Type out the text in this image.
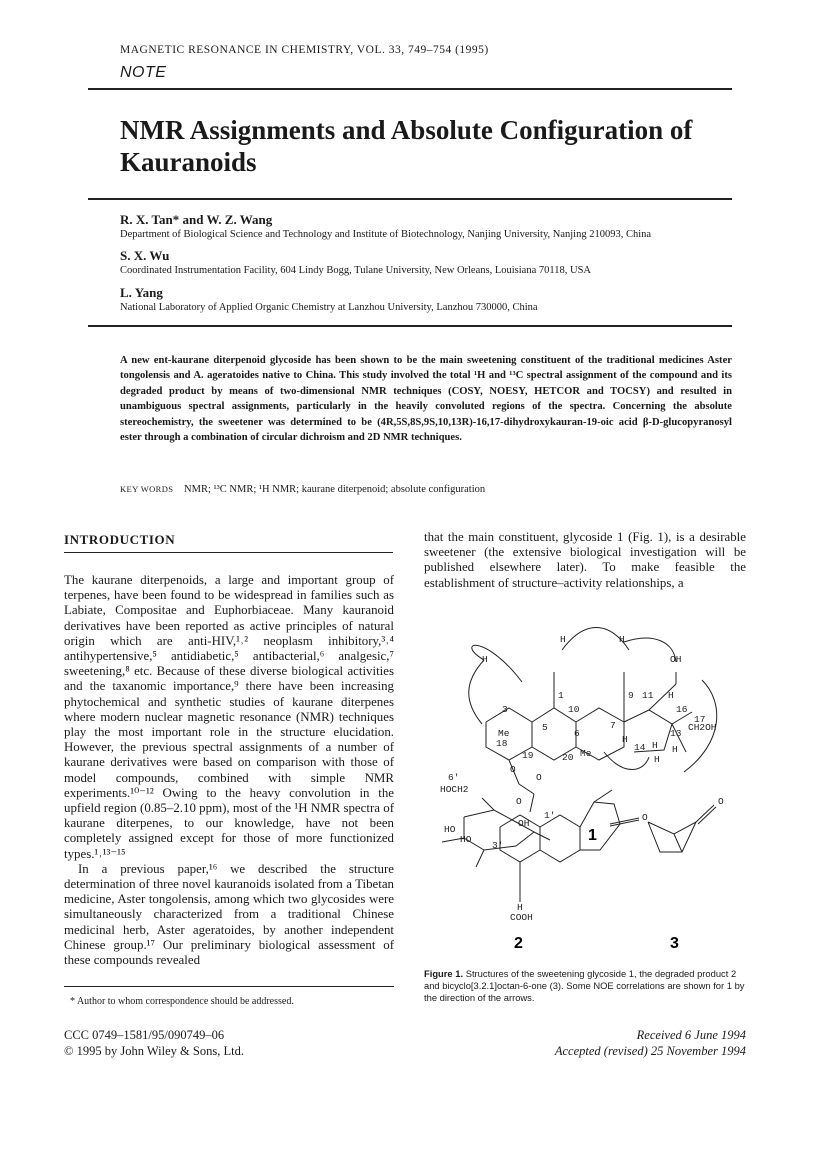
MAGNETIC RESONANCE IN CHEMISTRY, VOL. 33, 749–754 (1995)
NOTE
NMR Assignments and Absolute Configuration of Kauranoids
R. X. Tan* and W. Z. Wang
Department of Biological Science and Technology and Institute of Biotechnology, Nanjing University, Nanjing 210093, China
S. X. Wu
Coordinated Instrumentation Facility, 604 Lindy Bogg, Tulane University, New Orleans, Louisiana 70118, USA
L. Yang
National Laboratory of Applied Organic Chemistry at Lanzhou University, Lanzhou 730000, China
A new ent-kaurane diterpenoid glycoside has been shown to be the main sweetening constituent of the traditional medicines Aster tongolensis and A. ageratoides native to China. This study involved the total ¹H and ¹³C spectral assignment of the compound and its degraded product by means of two-dimensional NMR techniques (COSY, NOESY, HETCOR and TOCSY) and resulted in unambiguous spectral assignments, particularly in the heavily convoluted regions of the spectra. Concerning the absolute stereochemistry, the sweetener was determined to be (4R,5S,8S,9S,10,13R)-16,17-dihydroxykauran-19-oic acid β-D-glucopyranosyl ester through a combination of circular dichroism and 2D NMR techniques.
KEY WORDS NMR; ¹³C NMR; ¹H NMR; kaurane diterpenoid; absolute configuration
INTRODUCTION

The kaurane diterpenoids, a large and important group of terpenes, have been found to be widespread in families such as Labiate, Compositae and Euphorbiaceae. Many kauranoid derivatives have been reported as active principles of natural origin which are anti-HIV,¹˒² neoplasm inhibitory,³˒⁴ antihypertensive,⁵ antidiabetic,⁵ antibacterial,⁶ analgesic,⁷ sweetening,⁸ etc. Because of these diverse biological activities and the taxanomic importance,⁹ there have been increasing phytochemical and synthetic studies of kaurane diterpenes where modern nuclear magnetic resonance (NMR) techniques play the most important role in the structure elucidation. However, the previous spectral assignments of a number of kaurane derivatives were based on comparison with those of model compounds, combined with simple NMR experiments.¹⁰⁻¹² Owing to the heavy convolution in the upfield region (0.85–2.10 ppm), most of the ¹H NMR spectra of kaurane diterpenes, to our knowledge, have not been completely assigned except for those of more functionized types.¹˒¹³⁻¹⁵

In a previous paper,¹⁶ we described the structure determination of three novel kauranoids isolated from a Tibetan medicine, Aster tongolensis, among which two glycosides were simultaneously characterized from a traditional Chinese medicinal herb, Aster ageratoides, by another independent Chinese group.¹⁷ Our preliminary biological assessment of these compounds revealed

that the main constituent, glycoside 1 (Fig. 1), is a desirable sweetener (the extensive biological investigation will be published elsewhere later). To make feasible the establishment of structure–activity relationships, a

H
H	H
OH
1	9 11 H
3	10	16
17
CH2OH
Me
5
6
7
13
18	H
14 H H
19	20 Me
H
O
O
6'
HOCH2
O
1'
OH
HO
HO
3'
O
H
COOH
O
1
2	3
Figure 1. Structures of the sweetening glycoside 1, the degraded product 2 and bicyclo[3.2.1]octan-6-one (3). Some NOE correlations are shown for 1 by the direction of the arrows.
* Author to whom correspondence should be addressed.
CCC 0749–1581/95/090749–06
© 1995 by John Wiley & Sons, Ltd.
Received 6 June 1994
Accepted (revised) 25 November 1994
